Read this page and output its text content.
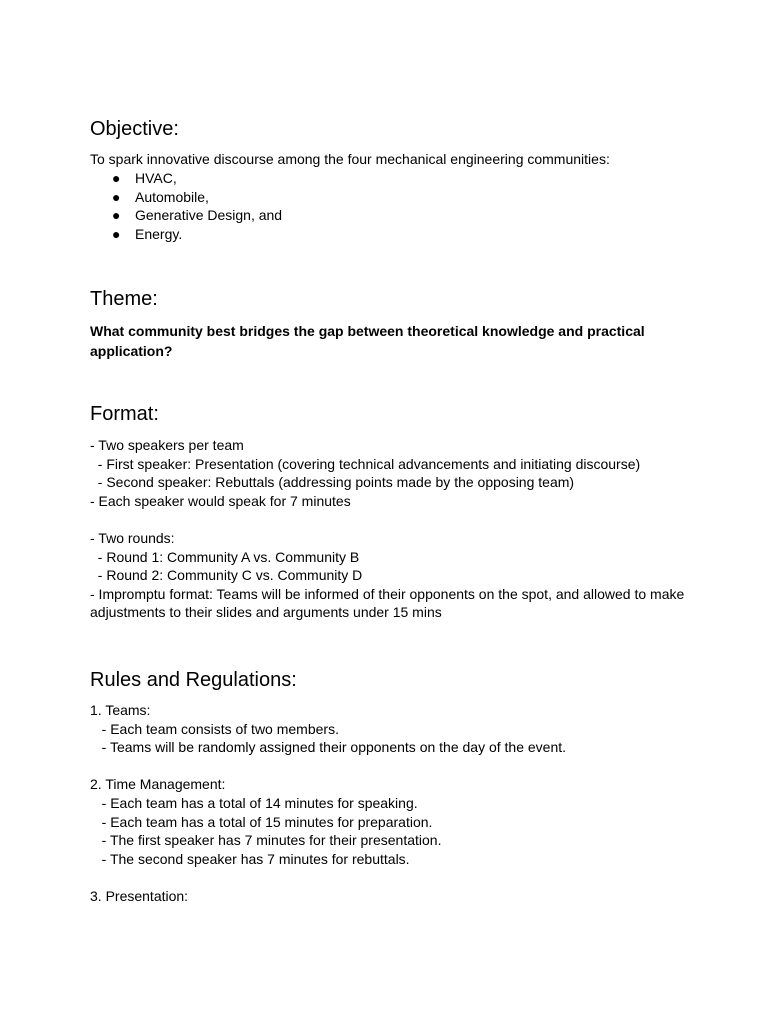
Objective:
To spark innovative discourse among the four mechanical engineering communities:
● HVAC,
● Automobile,
● Generative Design, and
● Energy.
Theme:
What community best bridges the gap between theoretical knowledge and practical application?
Format:
- Two speakers per team
- First speaker: Presentation (covering technical advancements and initiating discourse)
- Second speaker: Rebuttals (addressing points made by the opposing team)
- Each speaker would speak for 7 minutes
- Two rounds:
- Round 1: Community A vs. Community B
- Round 2: Community C vs. Community D
- Impromptu format: Teams will be informed of their opponents on the spot, and allowed to make adjustments to their slides and arguments under 15 mins
Rules and Regulations:
1. Teams:
- Each team consists of two members.
- Teams will be randomly assigned their opponents on the day of the event.
2. Time Management:
- Each team has a total of 14 minutes for speaking.
- Each team has a total of 15 minutes for preparation.
- The first speaker has 7 minutes for their presentation.
- The second speaker has 7 minutes for rebuttals.
3. Presentation:
